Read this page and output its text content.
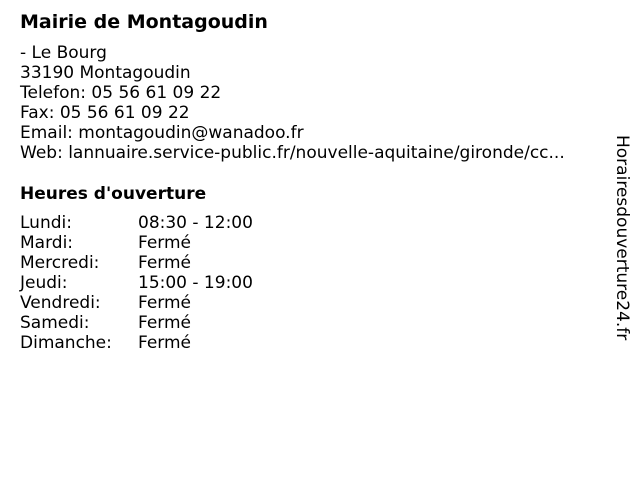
Mairie de Montagoudin
- Le Bourg
33190 Montagoudin
Telefon: 05 56 61 09 22
Fax: 05 56 61 09 22
Email: montagoudin@wanadoo.fr
Web: lannuaire.service-public.fr/nouvelle-aquitaine/gironde/cc...
Heures d'ouverture
Lundi:	08:30 - 12:00
Mardi:	Fermé
Mercredi:	Fermé
Jeudi:	15:00 - 19:00
Vendredi:	Fermé
Samedi:	Fermé
Dimanche:	Fermé
Horairesdouverture24.fr
